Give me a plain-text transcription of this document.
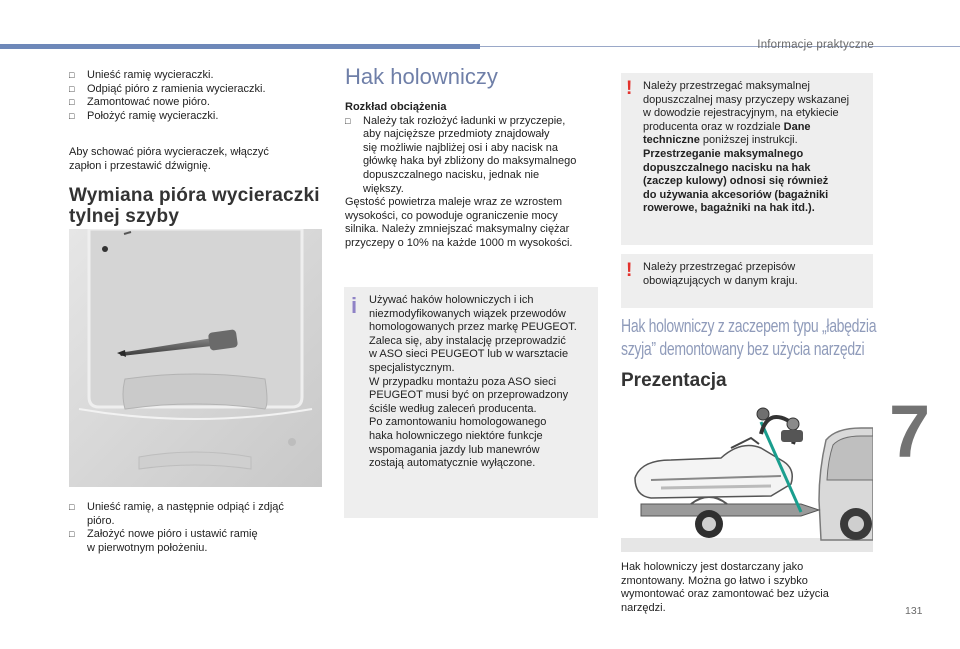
Informacje praktyczne
7
131
□ Unieść ramię wycieraczki.
□ Odpiąć pióro z ramienia wycieraczki.
□ Zamontować nowe pióro.
□ Położyć ramię wycieraczki.
Aby schować pióra wycieraczek, włączyć
zapłon i przestawić dźwignię.
Wymiana pióra wycieraczki
tylnej szyby
□ Unieść ramię, a następnie odpiąć i zdjąć
pióro.
□ Założyć nowe pióro i ustawić ramię
w pierwotnym położeniu.
Hak holowniczy
Rozkład obciążenia
□ Należy tak rozłożyć ładunki w przyczepie,
aby najcięższe przedmioty znajdowały
się możliwie najbliżej osi i aby nacisk na
główkę haka był zbliżony do maksymalnego
dopuszczalnego nacisku, jednak nie
większy.
Gęstość powietrza maleje wraz ze wzrostem
wysokości, co powoduje ograniczenie mocy
silnika. Należy zmniejszać maksymalny ciężar
przyczepy o 10% na każde 1000 m wysokości.
i Używać haków holowniczych i ich
niezmodyfikowanych wiązek przewodów
homologowanych przez markę PEUGEOT.
Zaleca się, aby instalację przeprowadzić
w ASO sieci PEUGEOT lub w warsztacie
specjalistycznym.
W przypadku montażu poza ASO sieci
PEUGEOT musi być on przeprowadzony
ściśle według zaleceń producenta.
Po zamontowaniu homologowanego
haka holowniczego niektóre funkcje
wspomagania jazdy lub manewrów
zostają automatycznie wyłączone.
! Należy przestrzegać maksymalnej
dopuszczalnej masy przyczepy wskazanej
w dowodzie rejestracyjnym, na etykiecie
producenta oraz w rozdziale Dane
techniczne poniższej instrukcji.
Przestrzeganie maksymalnego
dopuszczalnego nacisku na hak
(zaczep kulowy) odnosi się również
do używania akcesoriów (bagażniki
rowerowe, bagażniki na hak itd.).
! Należy przestrzegać przepisów
obowiązujących w danym kraju.
Hak holowniczy z zaczepem typu „łabędzia
szyja” demontowany bez użycia narzędzi
Prezentacja
Hak holowniczy jest dostarczany jako
zmontowany. Można go łatwo i szybko
wymontować oraz zamontować bez użycia
narzędzi.
